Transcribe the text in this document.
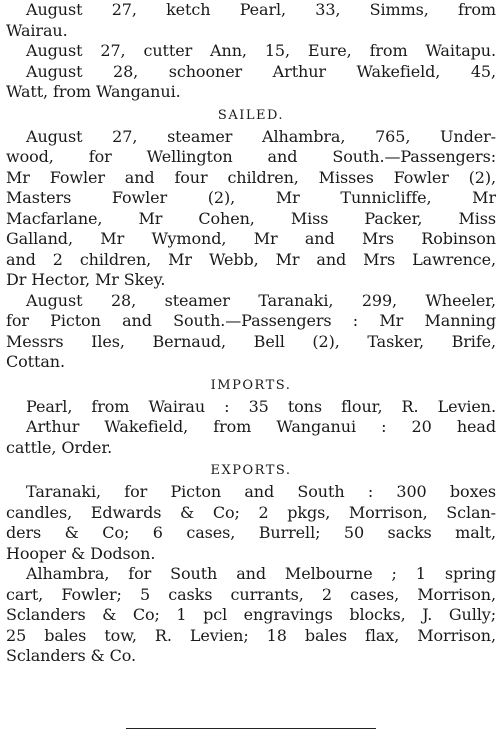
August 27, ketch Pearl, 33, Simms, from
Wairau.
August 27, cutter Ann, 15, Eure, from Waitapu.
August 28, schooner Arthur Wakefield, 45,
Watt, from Wanganui.
SAILED.
August 27, steamer Alhambra, 765, Under-
wood, for Wellington and South.—Passengers:
Mr Fowler and four children, Misses Fowler (2),
Masters Fowler (2), Mr Tunnicliffe, Mr
Macfarlane, Mr Cohen, Miss Packer, Miss
Galland, Mr Wymond, Mr and Mrs Robinson
and 2 children, Mr Webb, Mr and Mrs Lawrence,
Dr Hector, Mr Skey.
August 28, steamer Taranaki, 299, Wheeler,
for Picton and South.—Passengers : Mr Manning
Messrs Iles, Bernaud, Bell (2), Tasker, Brife,
Cottan.
IMPORTS.
Pearl, from Wairau : 35 tons flour, R. Levien.
Arthur Wakefield, from Wanganui : 20 head
cattle, Order.
EXPORTS.
Taranaki, for Picton and South : 300 boxes
candles, Edwards & Co; 2 pkgs, Morrison, Sclan-
ders & Co; 6 cases, Burrell; 50 sacks malt,
Hooper & Dodson.
Alhambra, for South and Melbourne ; 1 spring
cart, Fowler; 5 casks currants, 2 cases, Morrison,
Sclanders & Co; 1 pcl engravings blocks, J. Gully;
25 bales tow, R. Levien; 18 bales flax, Morrison,
Sclanders & Co.
